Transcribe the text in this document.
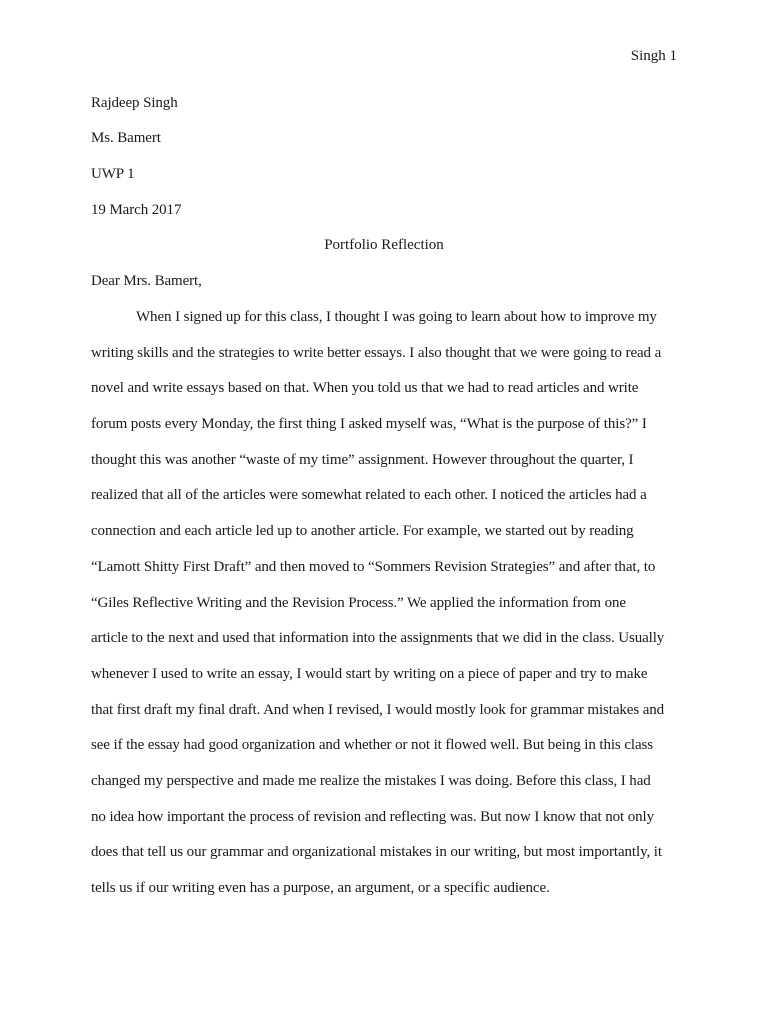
Singh 1
Rajdeep Singh
Ms. Bamert
UWP 1
19 March 2017
Portfolio Reflection
Dear Mrs. Bamert,
When I signed up for this class, I thought I was going to learn about how to improve my
writing skills and the strategies to write better essays. I also thought that we were going to read a
novel and write essays based on that. When you told us that we had to read articles and write
forum posts every Monday, the first thing I asked myself was, “What is the purpose of this?” I
thought this was another “waste of my time” assignment. However throughout the quarter, I
realized that all of the articles were somewhat related to each other. I noticed the articles had a
connection and each article led up to another article. For example, we started out by reading
“Lamott Shitty First Draft” and then moved to “Sommers Revision Strategies” and after that, to
“Giles Reflective Writing and the Revision Process.” We applied the information from one
article to the next and used that information into the assignments that we did in the class. Usually
whenever I used to write an essay, I would start by writing on a piece of paper and try to make
that first draft my final draft. And when I revised, I would mostly look for grammar mistakes and
see if the essay had good organization and whether or not it flowed well. But being in this class
changed my perspective and made me realize the mistakes I was doing. Before this class, I had
no idea how important the process of revision and reflecting was. But now I know that not only
does that tell us our grammar and organizational mistakes in our writing, but most importantly, it
tells us if our writing even has a purpose, an argument, or a specific audience.
